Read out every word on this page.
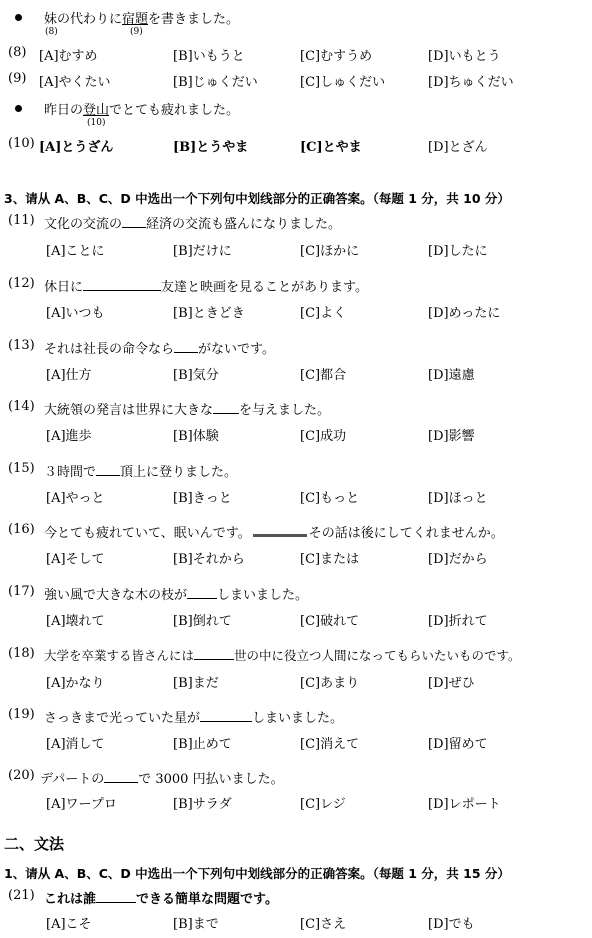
妹の代わりに宿題を書きました。
(8)	(9)
(8) [A]むすめ	[B]いもうと	[C]むすうめ	[D]いもとう
(9) [A]やくたい	[B]じゅくだい	[C]しゅくだい	[D]ちゅくだい
昨日の登山でとても疲れました。
(10)
(10) [A]とうざん	[B]とうやま	[C]とやま	[D]とざん
3、请从 A、B、C、D 中选出一个下列句中划线部分的正确答案。（每题 1 分，共 10 分）
(11) 文化の交流の 経済の交流も盛んになりました。
[A]ことに	[B]だけに	[C]ほかに	[D]したに
(12) 休日に	友達と映画を見ることがあります。
[A]いつも	[B]ときどき	[C]よく	[D]めったに
(13) それは社長の命令なら がないです。
[A]仕方	[B]気分	[C]都合	[D]遠慮
(14) 大統領の発言は世界に大きな を与えました。
[A]進歩	[B]体験	[C]成功	[D]影響
(15) ３時間で 頂上に登りました。
[A]やっと	[B]きっと	[C]もっと	[D]ほっと
(16) 今とても疲れていて、眠いんです。	その話は後にしてくれませんか。
[A]そして	[B]それから	[C]または	[D]だから
(17) 強い風で大きな木の枝が しまいました。
[A]壊れて	[B]倒れて	[C]破れて	[D]折れて
(18) 大学を卒業する皆さんには	世の中に役立つ人間になってもらいたいものです。
[A]かなり	[B]まだ	[C]あまり	[D]ぜひ
(19) さっきまで光っていた星が	しまいました。
[A]消して	[B]止めて	[C]消えて	[D]留めて
(20) デパートの	で 3000 円払いました。
[A]ワープロ	[B]サラダ	[C]レジ	[D]レポート
二、文法
1、请从 A、B、C、D 中选出一个下列句中划线部分的正确答案。（每题 1 分，共 15 分）
(21) これは誰	できる簡単な問題です。
[A]こそ	[B]まで	[C]さえ	[D]でも
